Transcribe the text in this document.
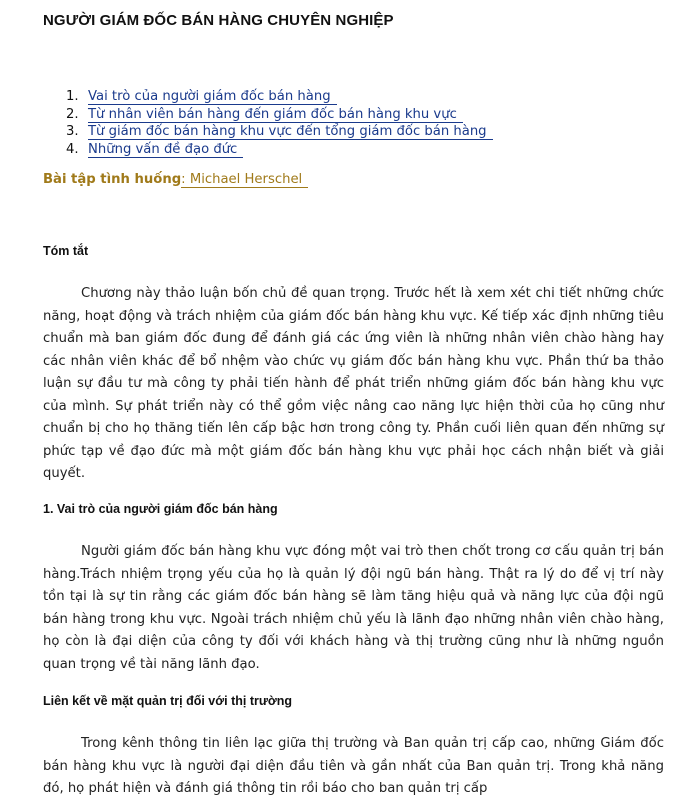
NGƯỜI GIÁM ĐỐC BÁN HÀNG CHUYÊN NGHIỆP
1. Vai trò của người giám đốc bán hàng
2. Từ nhân viên bán hàng đến giám đốc bán hàng khu vực
3. Từ giám đốc bán hàng khu vực đến tổng giám đốc bán hàng
4. Những vấn đề đạo đức
Bài tập tình huống: Michael Herschel
Tóm tắt

Chương này thảo luận bốn chủ đề quan trọng. Trước hết là xem xét chi tiết những chức năng, hoạt động và trách nhiệm của giám đốc bán hàng khu vực. Kế tiếp xác định những tiêu chuẩn mà ban giám đốc đung để đánh giá các ứng viên là những nhân viên chào hàng hay các nhân viên khác để bổ nhệm vào chức vụ giám đốc bán hàng khu vực. Phần thứ ba thảo luận sự đầu tư mà công ty phải tiến hành để phát triển những giám đốc bán hàng khu vực của mình. Sự phát triển này có thể gồm việc nâng cao năng lực hiện thời của họ cũng như chuẩn bị cho họ thăng tiến lên cấp bậc hơn trong công ty. Phần cuối liên quan đến những sự phức tạp về đạo đức mà một giám đốc bán hàng khu vực phải học cách nhận biết và giải quyết.

1. Vai trò của người giám đốc bán hàng

Người giám đốc bán hàng khu vực đóng một vai trò then chốt trong cơ cấu quản trị bán hàng.Trách nhiệm trọng yếu của họ là quản lý đội ngũ bán hàng. Thật ra lý do để vị trí này tồn tại là sự tin rằng các giám đốc bán hàng sẽ làm tăng hiệu quả và năng lực của đội ngũ bán hàng trong khu vực. Ngoài trách nhiệm chủ yếu là lãnh đạo những nhân viên chào hàng, họ còn là đại diện của công ty đối với khách hàng và thị trường cũng như là những nguồn quan trọng về tài năng lãnh đạo.

Liên kết về mặt quản trị đối với thị trường

Trong kênh thông tin liên lạc giữa thị trường và Ban quản trị cấp cao, những Giám đốc bán hàng khu vực là người đại diện đầu tiên và gần nhất của Ban quản trị. Trong khả năng đó, họ phát hiện và đánh giá thông tin rồi báo cho ban quản trị cấp
